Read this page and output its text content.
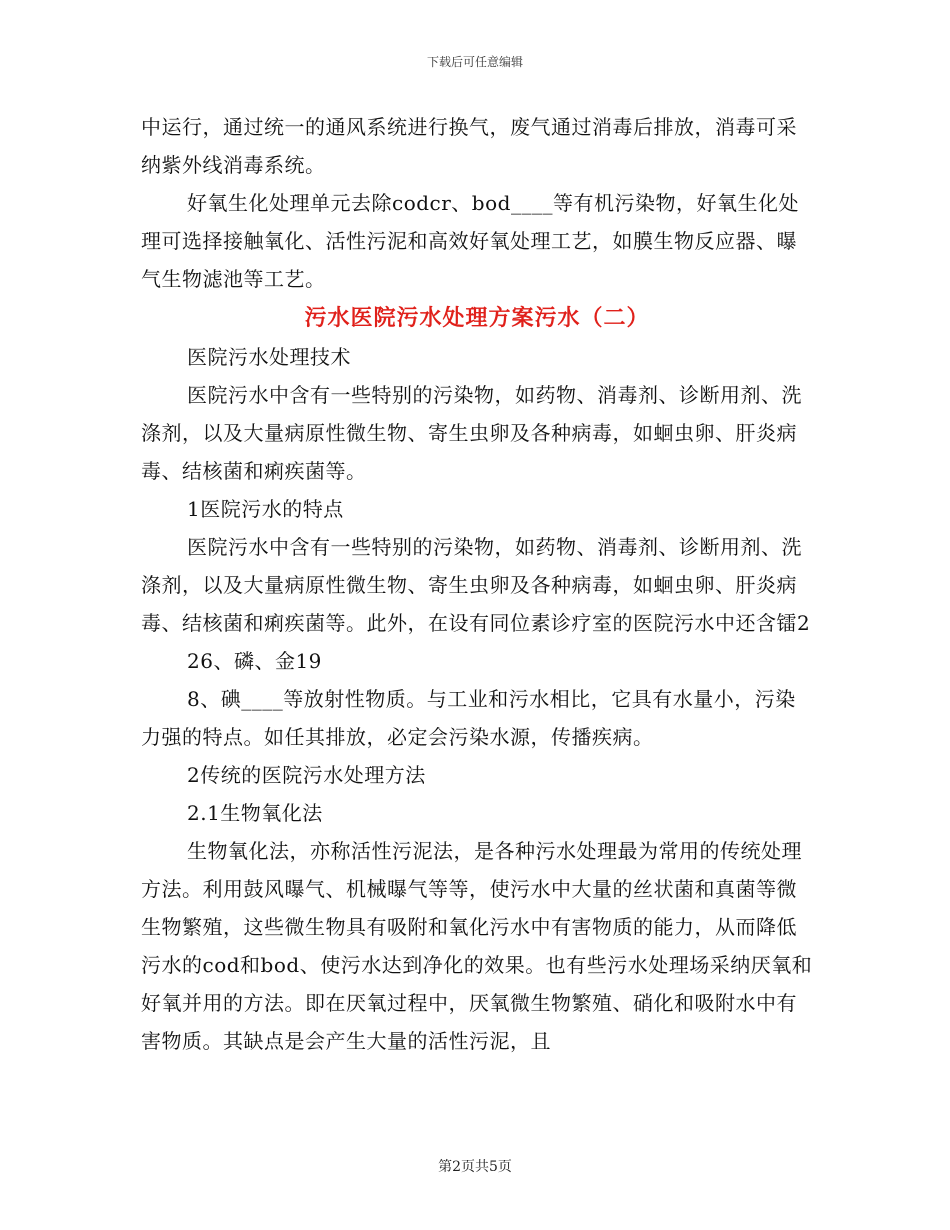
下载后可任意编辑

中运行，通过统一的通风系统进行换气，废气通过消毒后排放，消毒可采纳紫外线消毒系统。

好氧生化处理单元去除codcr、bod____等有机污染物，好氧生化处理可选择接触氧化、活性污泥和高效好氧处理工艺，如膜生物反应器、曝气生物滤池等工艺。

污水医院污水处理方案污水（二）

医院污水处理技术

医院污水中含有一些特别的污染物，如药物、消毒剂、诊断用剂、洗涤剂，以及大量病原性微生物、寄生虫卵及各种病毒，如蛔虫卵、肝炎病毒、结核菌和痢疾菌等。

1医院污水的特点

医院污水中含有一些特别的污染物，如药物、消毒剂、诊断用剂、洗涤剂，以及大量病原性微生物、寄生虫卵及各种病毒，如蛔虫卵、肝炎病毒、结核菌和痢疾菌等。此外，在设有同位素诊疗室的医院污水中还含镭2

26、磷、金19

8、碘____等放射性物质。与工业和污水相比，它具有水量小，污染力强的特点。如任其排放，必定会污染水源，传播疾病。

2传统的医院污水处理方法

2.1生物氧化法

生物氧化法，亦称活性污泥法，是各种污水处理最为常用的传统处理方法。利用鼓风曝气、机械曝气等等，使污水中大量的丝状菌和真菌等微生物繁殖，这些微生物具有吸附和氧化污水中有害物质的能力，从而降低污水的cod和bod、使污水达到净化的效果。也有些污水处理场采纳厌氧和好氧并用的方法。即在厌氧过程中，厌氧微生物繁殖、硝化和吸附水中有害物质。其缺点是会产生大量的活性污泥，且

第2页共5页
